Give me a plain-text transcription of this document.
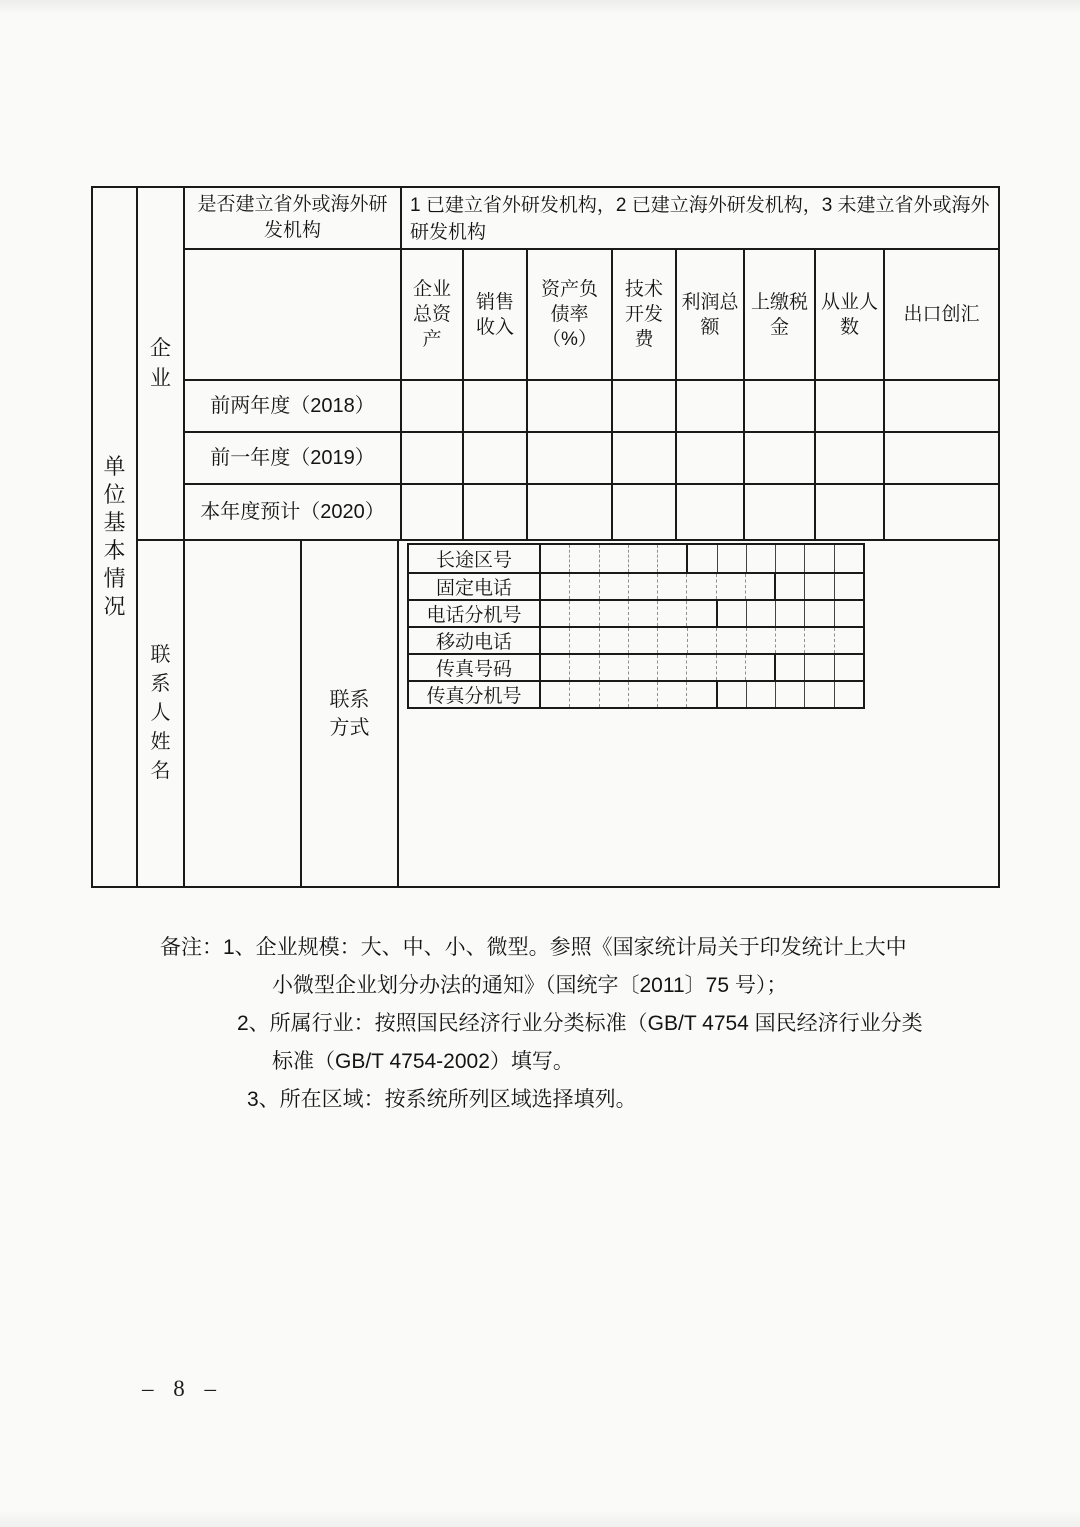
单位基本情况
企业
是否建立省外或海外研发机构
1 已建立省外研发机构，2 已建立海外研发机构，3 未建立省外或海外研发机构
企业总资产
销售收入
资产负债率（%）
技术开发费
利润总额
上缴税金
从业人数
出口创汇
前两年度（2018）
前一年度（2019）
本年度预计（2020）
联系人姓名
联系方式
长途区号
固定电话
电话分机号
移动电话
传真号码
传真分机号
备注：1、企业规模：大、中、小、微型。参照《国家统计局关于印发统计上大中
小微型企业划分办法的通知》（国统字〔2011〕75 号）；
2、所属行业：按照国民经济行业分类标准（GB/T 4754 国民经济行业分类
标准（GB/T 4754-2002）填写。
3、所在区域：按系统所列区域选择填列。
– 8 –
